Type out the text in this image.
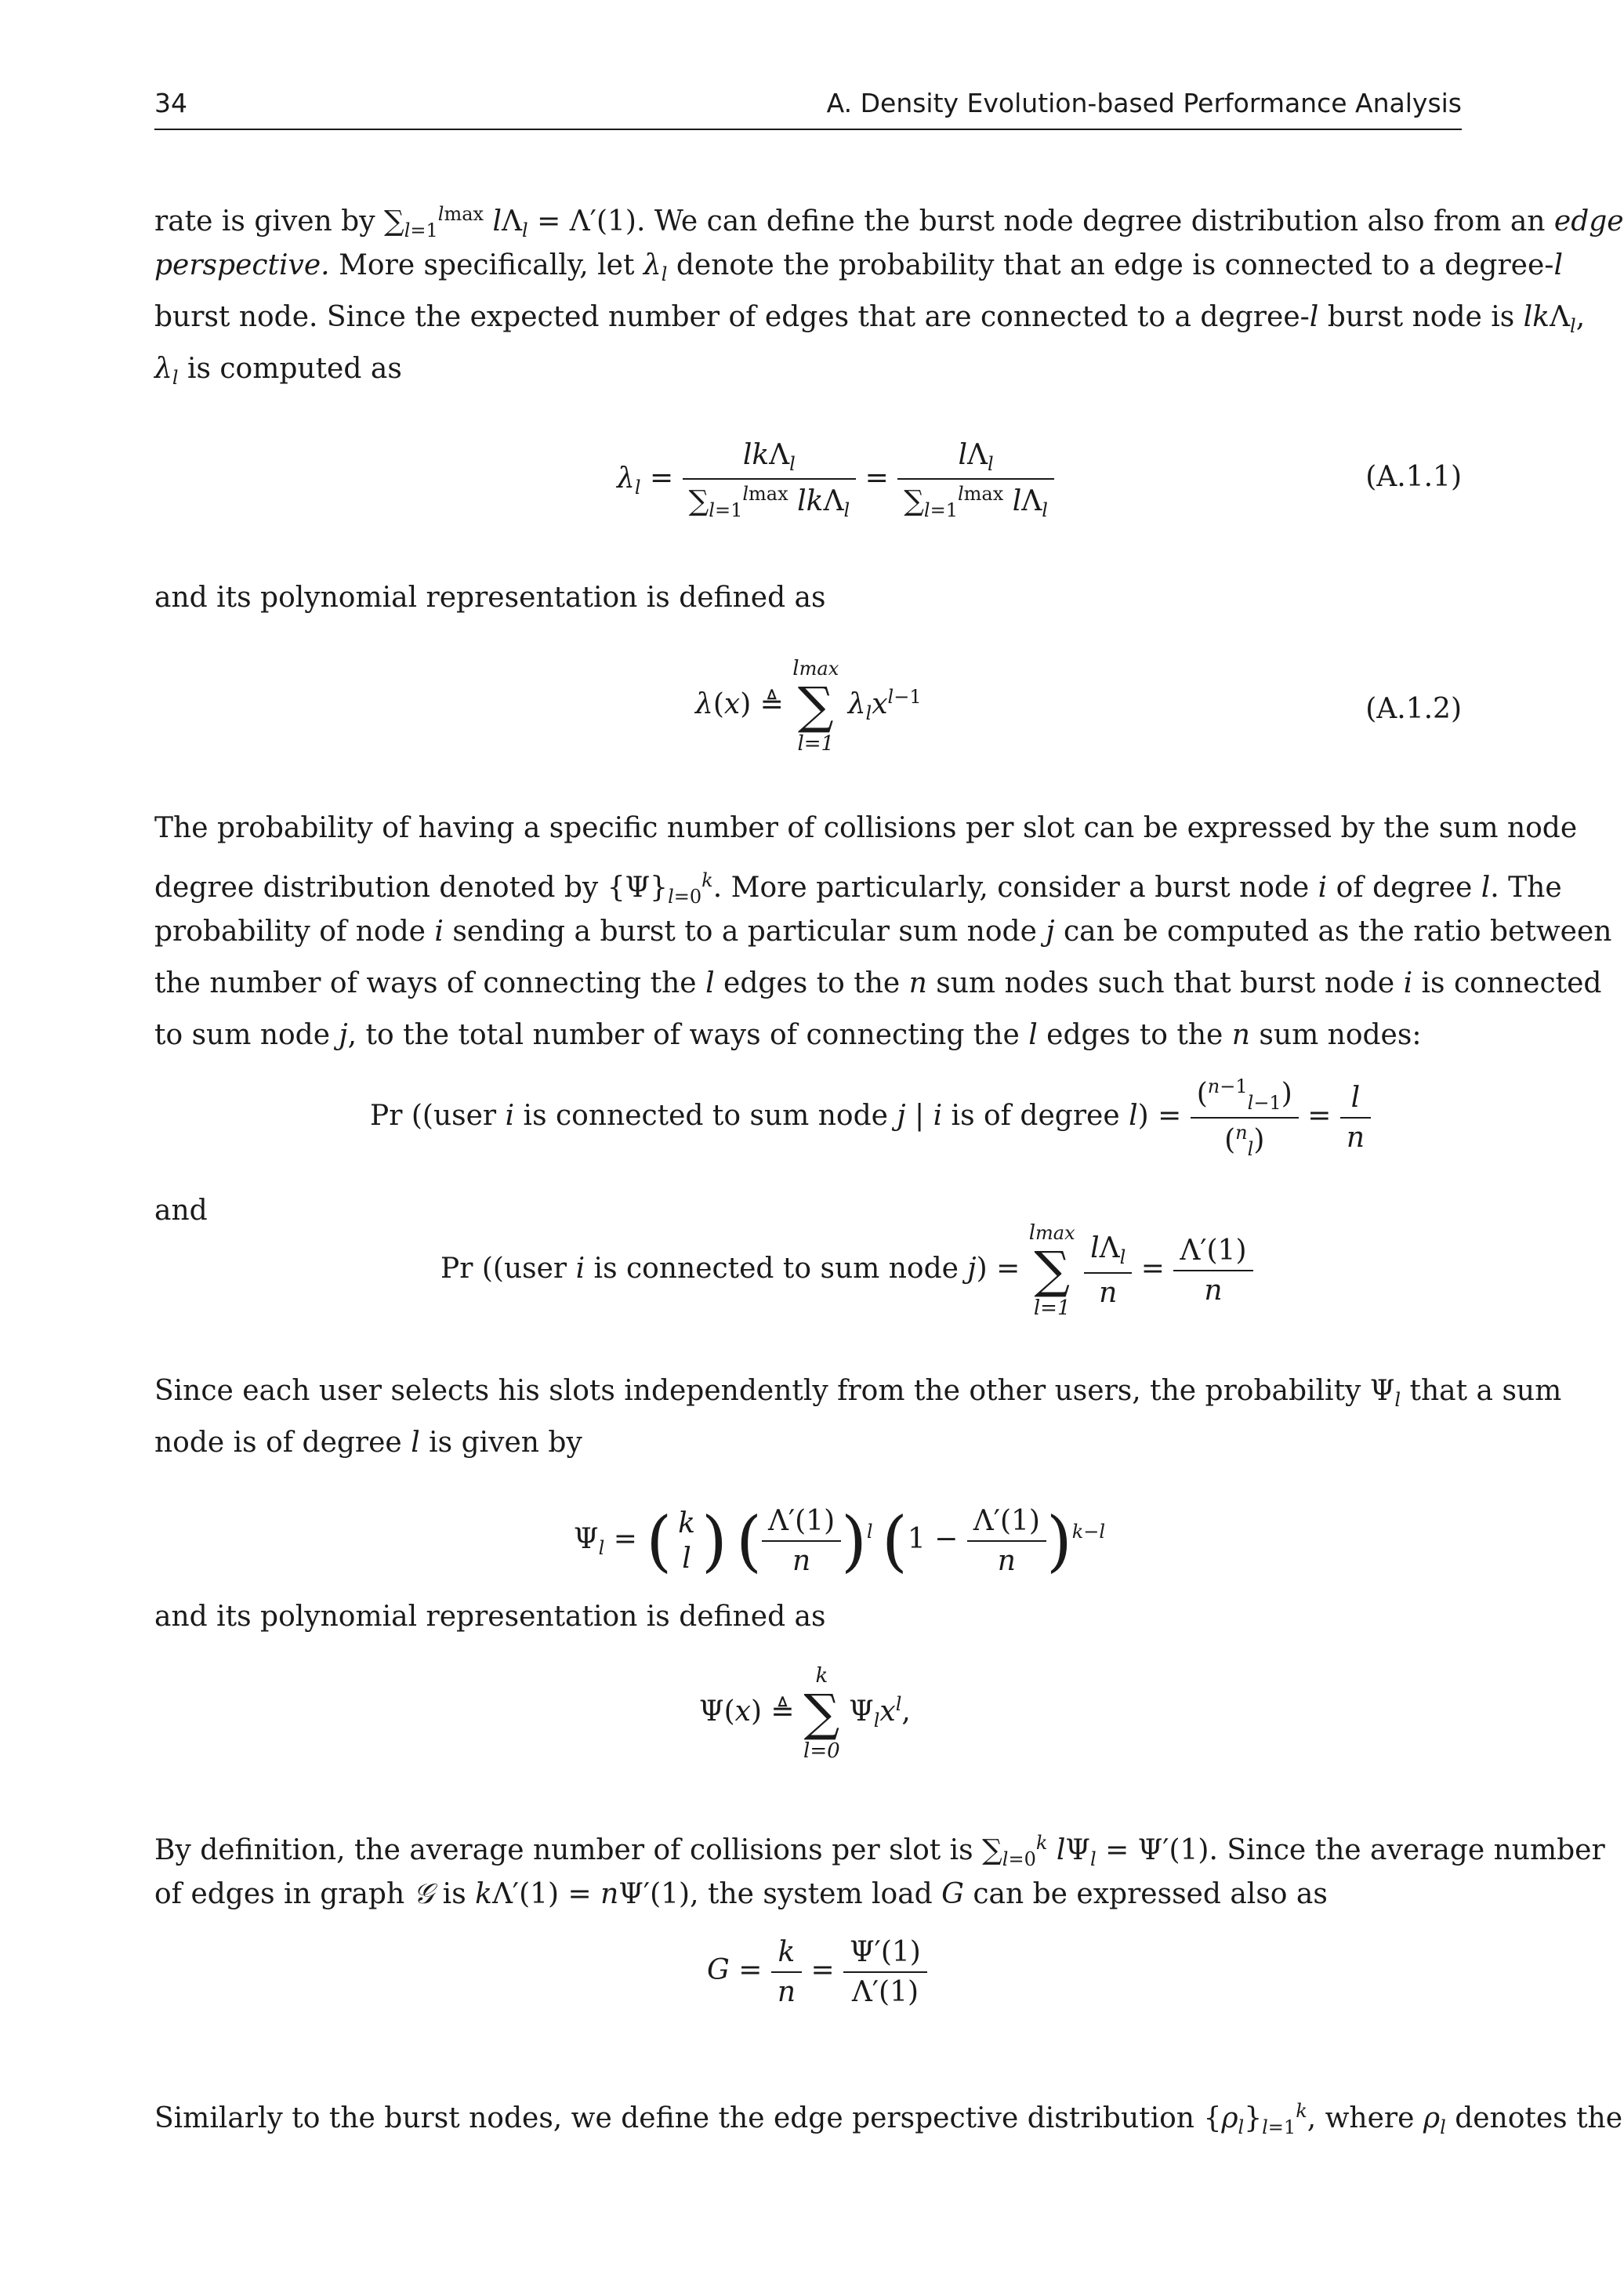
34	A. Density Evolution-based Performance Analysis
rate is given by $\sum_{l=1}^{lmax}$ $l\Lambda_l = \Lambda'(1)$. We can define the burst node degree distribution also from an edge
perspective. More specifically, let $\lambda_l$ denote the probability that an edge is connected to a degree-l
burst node. Since the expected number of edges that are connected to a degree-l burst node is lkΛ$_l$,
$\lambda_l$ is computed as
$\lambda_l = \frac{lk\Lambda_l}{\sum_{l=1}^{lmax} lk\Lambda_l} = \frac{l\Lambda_l}{\sum_{l=1}^{lmax} l\Lambda_l}$	(A.1.1)
and its polynomial representation is defined as
λ(x) ≜
lmax
∑
l=1
$\lambda_lx^{l-1}$	(A.1.2)
The probability of having a specific number of collisions per slot can be expressed by the sum node
degree distribution denoted by $\{\Psi\}_{l=0}^k$. More particularly, consider a burst node i of degree l. The
probability of node i sending a burst to a particular sum node j can be computed as the ratio between
the number of ways of connecting the l edges to the n sum nodes such that burst node i is connected
to sum node j, to the total number of ways of connecting the l edges to the n sum nodes:
Pr ((user i is connected to sum node j | i is of degree $l) = \frac{(^{n-1}_{l-1})}{(^n_l)} = \frac{l}{n}$
and
Pr ((user i is connected to sum node j) =
lmax
∑
l=1
$\frac{l\Lambda_l}{n} = \frac{\Lambda'(1)}{n}$
Since each user selects his slots independently from the other users, the probability $\Psi_l$ that a sum
node is of degree l is given by
$\Psi_l$ = ( k
l ) ( $\frac{\Lambda'(1)}{n} )^l$ $(1 - \frac{\Lambda'(1)}{n} )^{k-l}$
and its polynomial representation is defined as
Ψ(x) ≜
k
∑
l=0
$\Psi_lx^l$,
By definition, the average number of collisions per slot is $\sum_{l=0}^k$ $l\Psi_l = \Psi'(1)$. Since the average number
of edges in graph 𝒢 is kΛ′(1) = nΨ′(1), the system load G can be expressed also as
$G = \frac{k}{n} = \frac{\Psi'(1)}{\Lambda'(1)}$
Similarly to the burst nodes, we define the edge perspective distribution $\{\rho_l\}_{l=1}^k$, where $\rho_l$ denotes the
